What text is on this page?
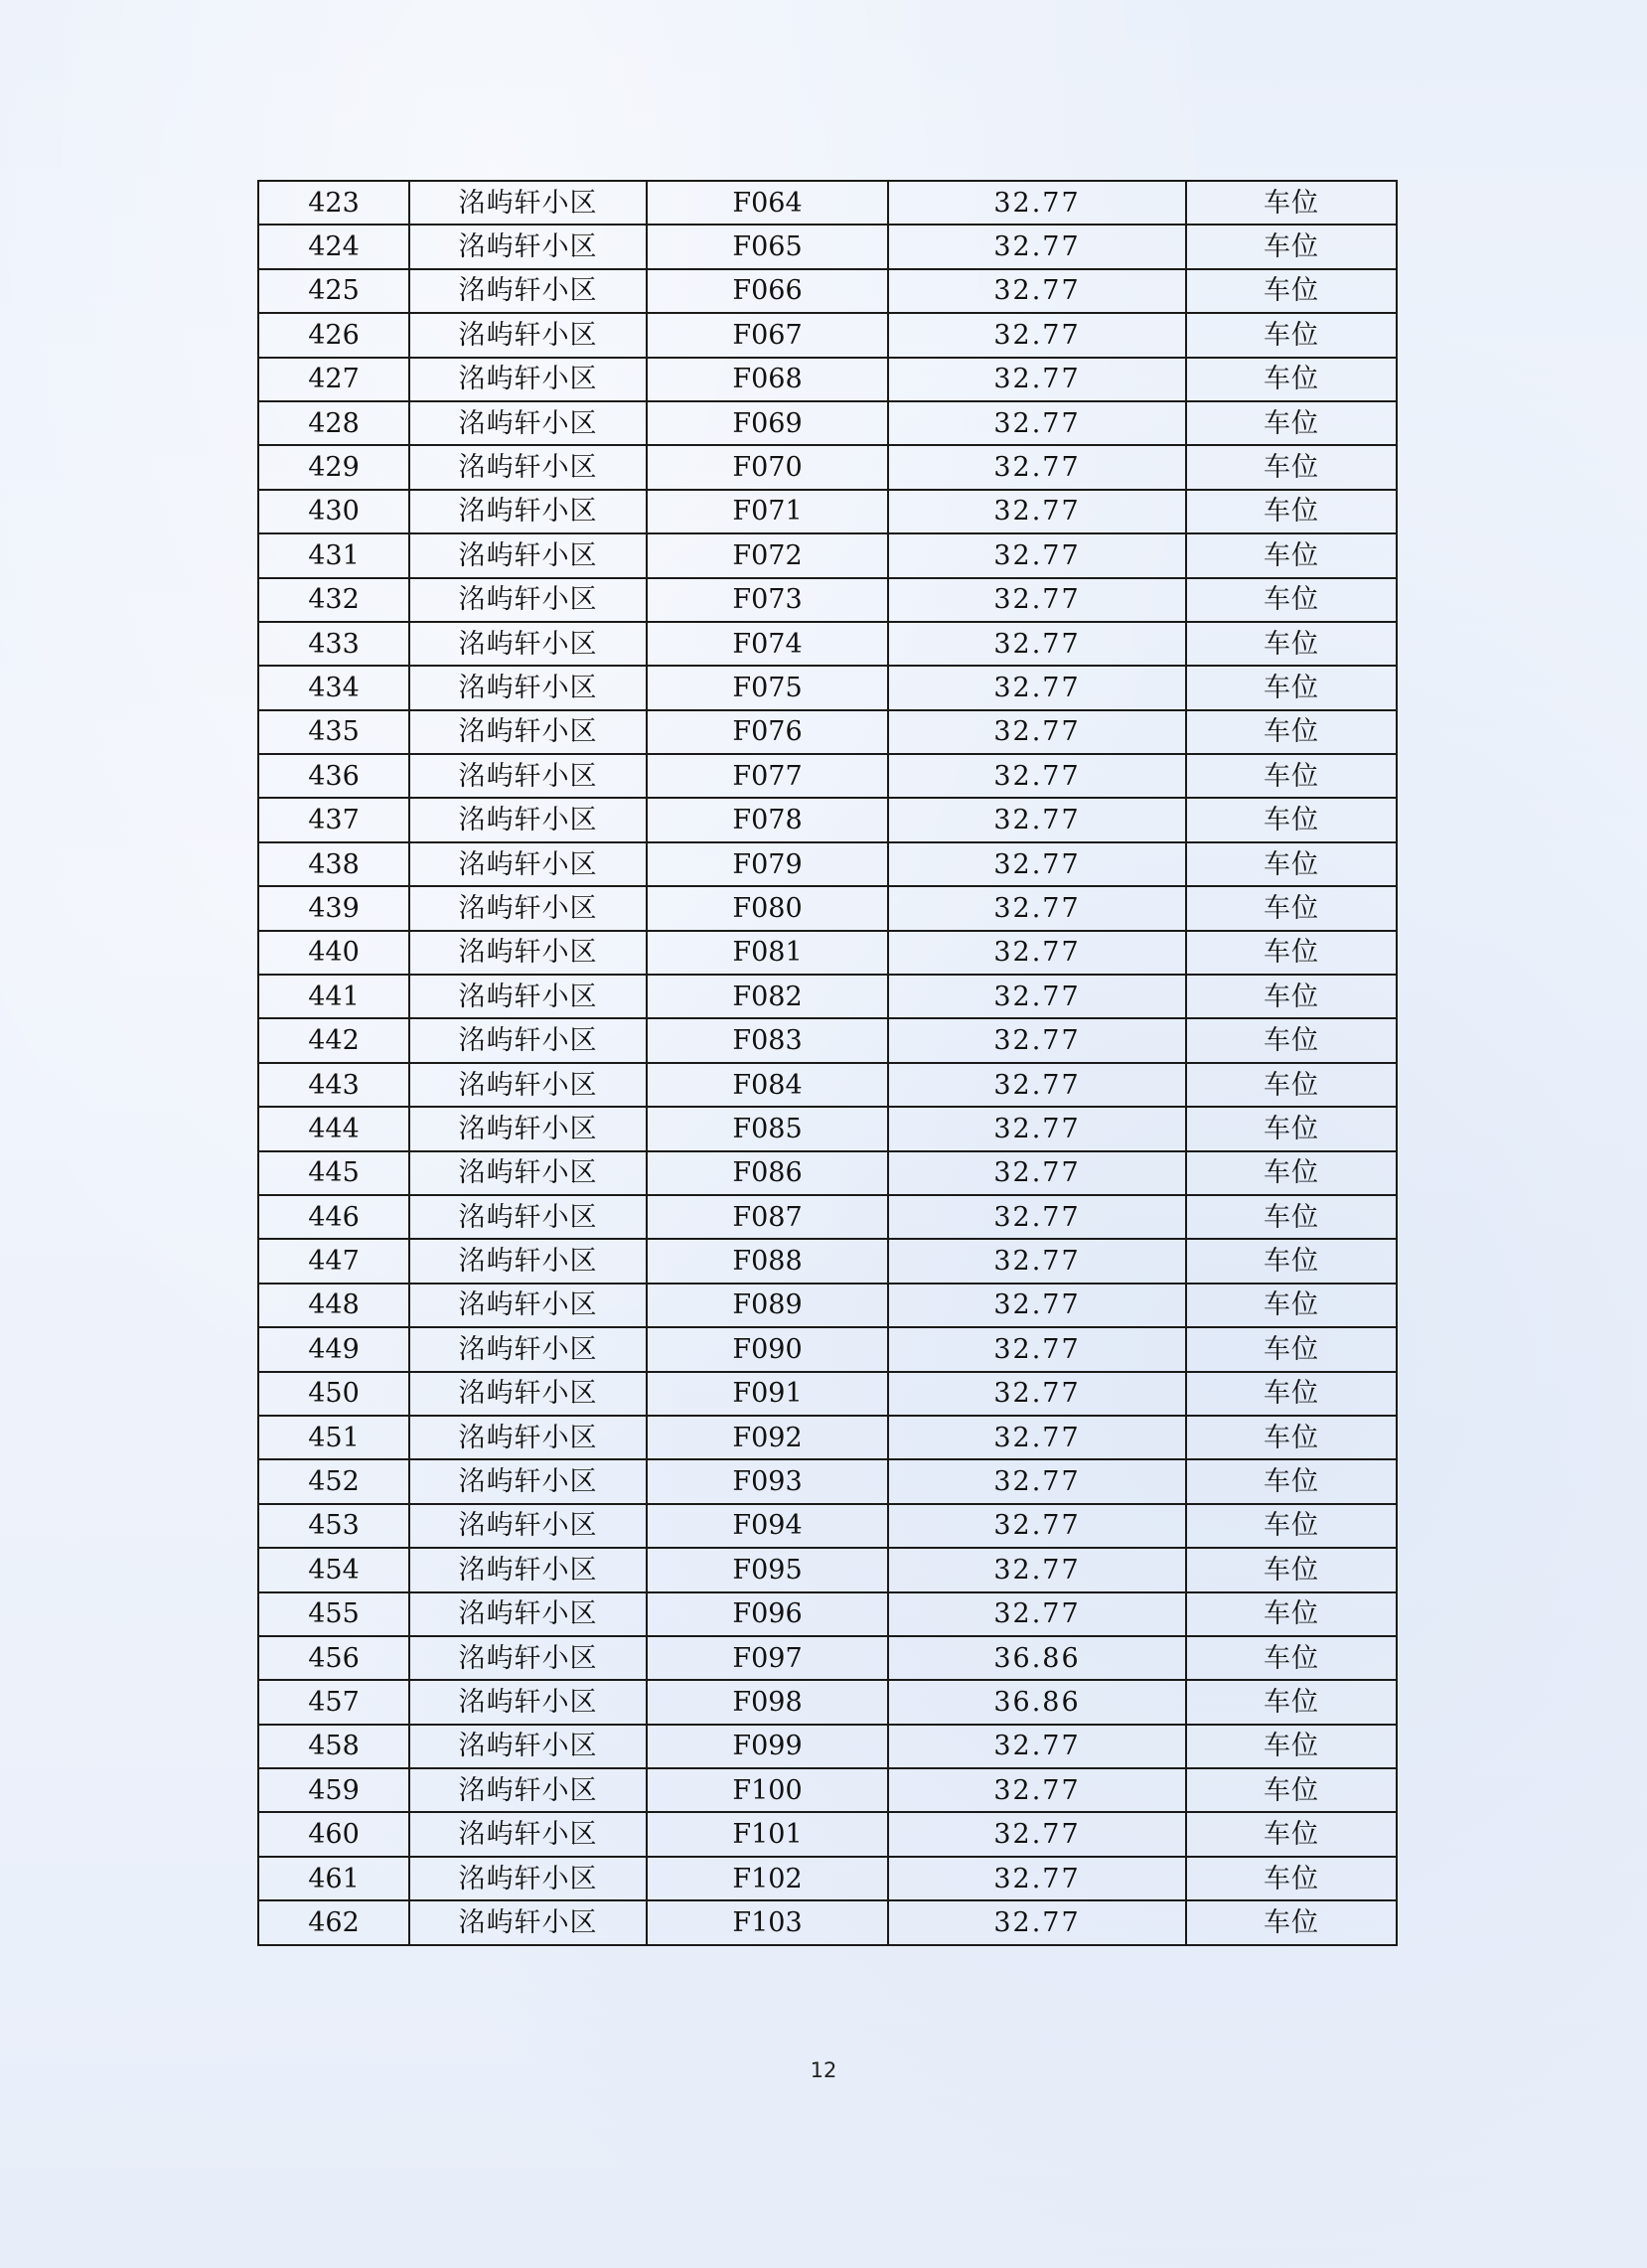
423	洺屿轩小区	F064	32.77	车位
424	洺屿轩小区	F065	32.77	车位
425	洺屿轩小区	F066	32.77	车位
426	洺屿轩小区	F067	32.77	车位
427	洺屿轩小区	F068	32.77	车位
428	洺屿轩小区	F069	32.77	车位
429	洺屿轩小区	F070	32.77	车位
430	洺屿轩小区	F071	32.77	车位
431	洺屿轩小区	F072	32.77	车位
432	洺屿轩小区	F073	32.77	车位
433	洺屿轩小区	F074	32.77	车位
434	洺屿轩小区	F075	32.77	车位
435	洺屿轩小区	F076	32.77	车位
436	洺屿轩小区	F077	32.77	车位
437	洺屿轩小区	F078	32.77	车位
438	洺屿轩小区	F079	32.77	车位
439	洺屿轩小区	F080	32.77	车位
440	洺屿轩小区	F081	32.77	车位
441	洺屿轩小区	F082	32.77	车位
442	洺屿轩小区	F083	32.77	车位
443	洺屿轩小区	F084	32.77	车位
444	洺屿轩小区	F085	32.77	车位
445	洺屿轩小区	F086	32.77	车位
446	洺屿轩小区	F087	32.77	车位
447	洺屿轩小区	F088	32.77	车位
448	洺屿轩小区	F089	32.77	车位
449	洺屿轩小区	F090	32.77	车位
450	洺屿轩小区	F091	32.77	车位
451	洺屿轩小区	F092	32.77	车位
452	洺屿轩小区	F093	32.77	车位
453	洺屿轩小区	F094	32.77	车位
454	洺屿轩小区	F095	32.77	车位
455	洺屿轩小区	F096	32.77	车位
456	洺屿轩小区	F097	36.86	车位
457	洺屿轩小区	F098	36.86	车位
458	洺屿轩小区	F099	32.77	车位
459	洺屿轩小区	F100	32.77	车位
460	洺屿轩小区	F101	32.77	车位
461	洺屿轩小区	F102	32.77	车位
462	洺屿轩小区	F103	32.77	车位
12
